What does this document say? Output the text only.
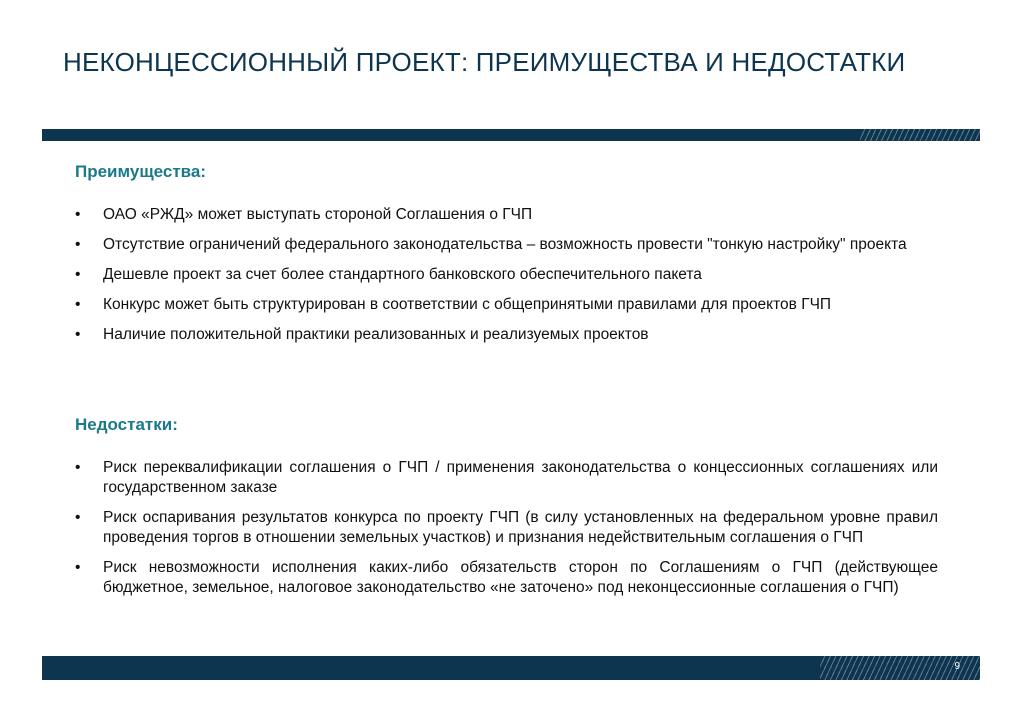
НЕКОНЦЕССИОННЫЙ ПРОЕКТ: ПРЕИМУЩЕСТВА И НЕДОСТАТКИ
Преимущества:
• ОАО «РЖД» может выступать стороной Соглашения о ГЧП
• Отсутствие ограничений федерального законодательства – возможность провести "тонкую настройку" проекта
• Дешевле проект за счет более стандартного банковского обеспечительного пакета
• Конкурс может быть структурирован в соответствии с общепринятыми правилами для проектов ГЧП
• Наличие положительной практики реализованных и реализуемых проектов
Недостатки:
• Риск переквалификации соглашения о ГЧП / применения законодательства о концессионных соглашениях или государственном заказе
• Риск оспаривания результатов конкурса по проекту ГЧП (в силу установленных на федеральном уровне правил проведения торгов в отношении земельных участков) и признания недействительным соглашения о ГЧП
• Риск невозможности исполнения каких-либо обязательств сторон по Соглашениям о ГЧП (действующее бюджетное, земельное, налоговое законодательство «не заточено» под неконцессионные соглашения о ГЧП)
9
